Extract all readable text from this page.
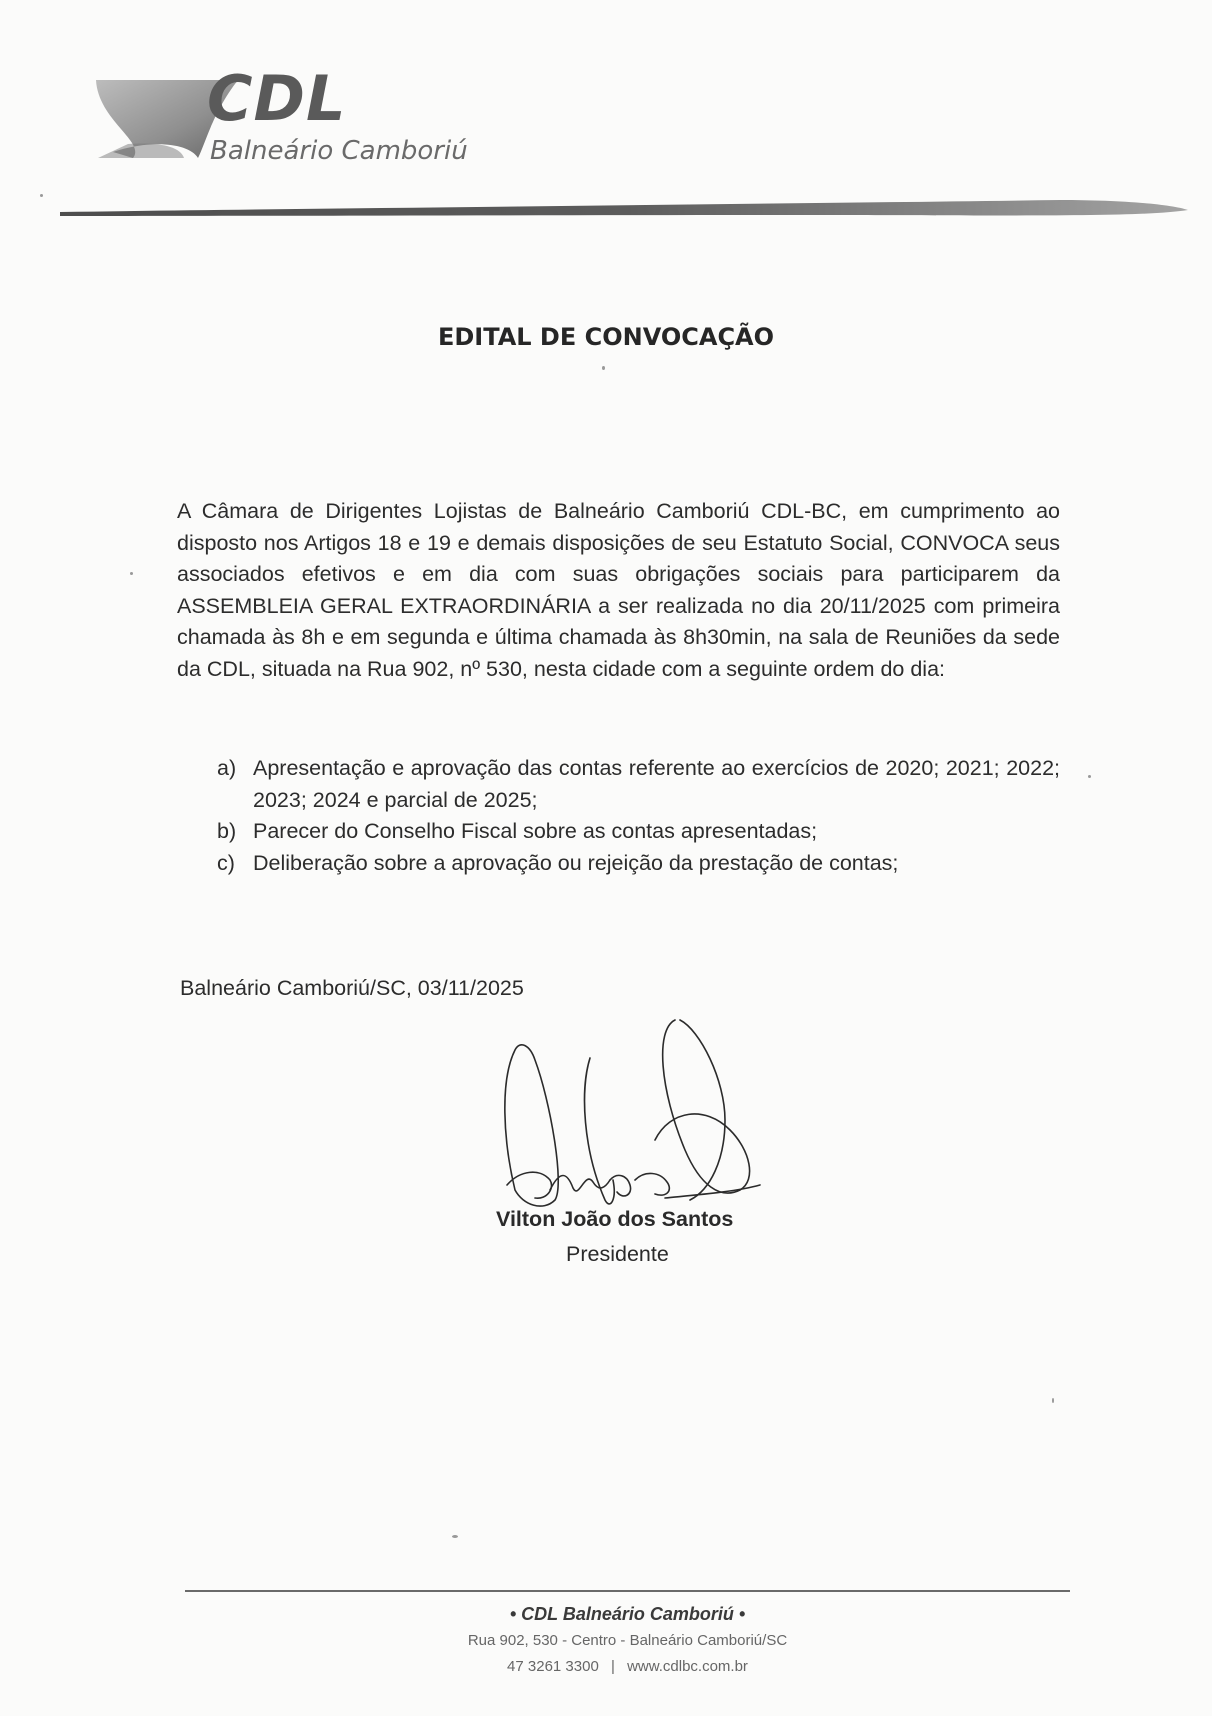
CDL
Balneário Camboriú
EDITAL DE CONVOCAÇÃO
A Câmara de Dirigentes Lojistas de Balneário Camboriú CDL-BC, em cumprimento ao disposto nos Artigos 18 e 19 e demais disposições de seu Estatuto Social, CONVOCA seus associados efetivos e em dia com suas obrigações sociais para participarem da ASSEMBLEIA GERAL EXTRAORDINÁRIA a ser realizada no dia 20/11/2025 com primeira chamada às 8h e em segunda e última chamada às 8h30min, na sala de Reuniões da sede da CDL, situada na Rua 902, nº 530, nesta cidade com a seguinte ordem do dia:
a) Apresentação e aprovação das contas referente ao exercícios de 2020; 2021; 2022; 2023; 2024 e parcial de 2025;
b) Parecer do Conselho Fiscal sobre as contas apresentadas;
c) Deliberação sobre a aprovação ou rejeição da prestação de contas;
Balneário Camboriú/SC, 03/11/2025
Vilton João dos Santos
Presidente
• CDL Balneário Camboriú •
Rua 902, 530 - Centro - Balneário Camboriú/SC
47 3261 3300 | www.cdlbc.com.br
